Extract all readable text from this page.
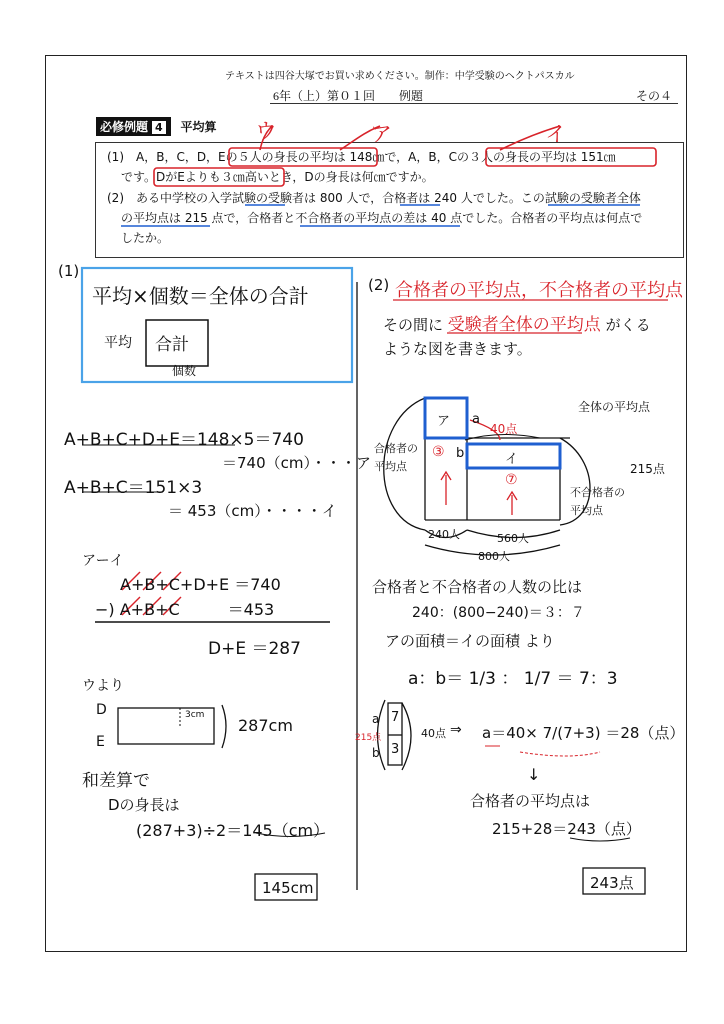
テキストは四谷大塚でお買い求めください。制作：中学受験のヘクトパスカル
6年（上）第０１回　　例題	その４
必修例題 4 平均算 ウ	ア	イ
(1)　A，B，C，D，Eの５人の身長の平均は 148㎝で，A，B，Cの３人の身長の平均は 151㎝
です。DがEよりも３㎝高いとき，Dの身長は何㎝ですか。
(2)　ある中学校の入学試験の受験者は 800 人で，合格者は 240 人でした。この試験の受験者全体
の平均点は 215 点で，合格者と不合格者の平均点の差は 40 点でした。合格者の平均点は何点で
したか。
(1)
平均×個数＝全体の合計
平均 合計
個数
A+B+C+D+E＝148×5＝740
＝740（cm）・・・ア
A+B+C＝151×3
＝ 453（cm）・・・・イ
アーイ
A+B+C+D+E ＝740
−) A+B+C　　　＝453
D+E ＝287
ウより
D
E
3cm
287cm
和差算で
Dの身長は
(287+3)÷2＝145（cm）
145cm
(2) 合格者の平均点，不合格者の平均点
その間に 受験者全体の平均点 がくる
ような図を書きます。
ア
イ
a
b
40点
③
⑦
全体の平均点
合格者の平均点
不合格者の平均点
215点
240人	560人
800人
合格者と不合格者の人数の比は
240：(800−240)＝３：７
アの面積＝イの面積 より
a：b＝ 1/3 ： 1/7 ＝ 7：3
a
b
7
3
215点	40点 ⇒ a＝40× 7/(7+3) ＝28（点）
↓
合格者の平均点は
215+28＝243（点）
243点
